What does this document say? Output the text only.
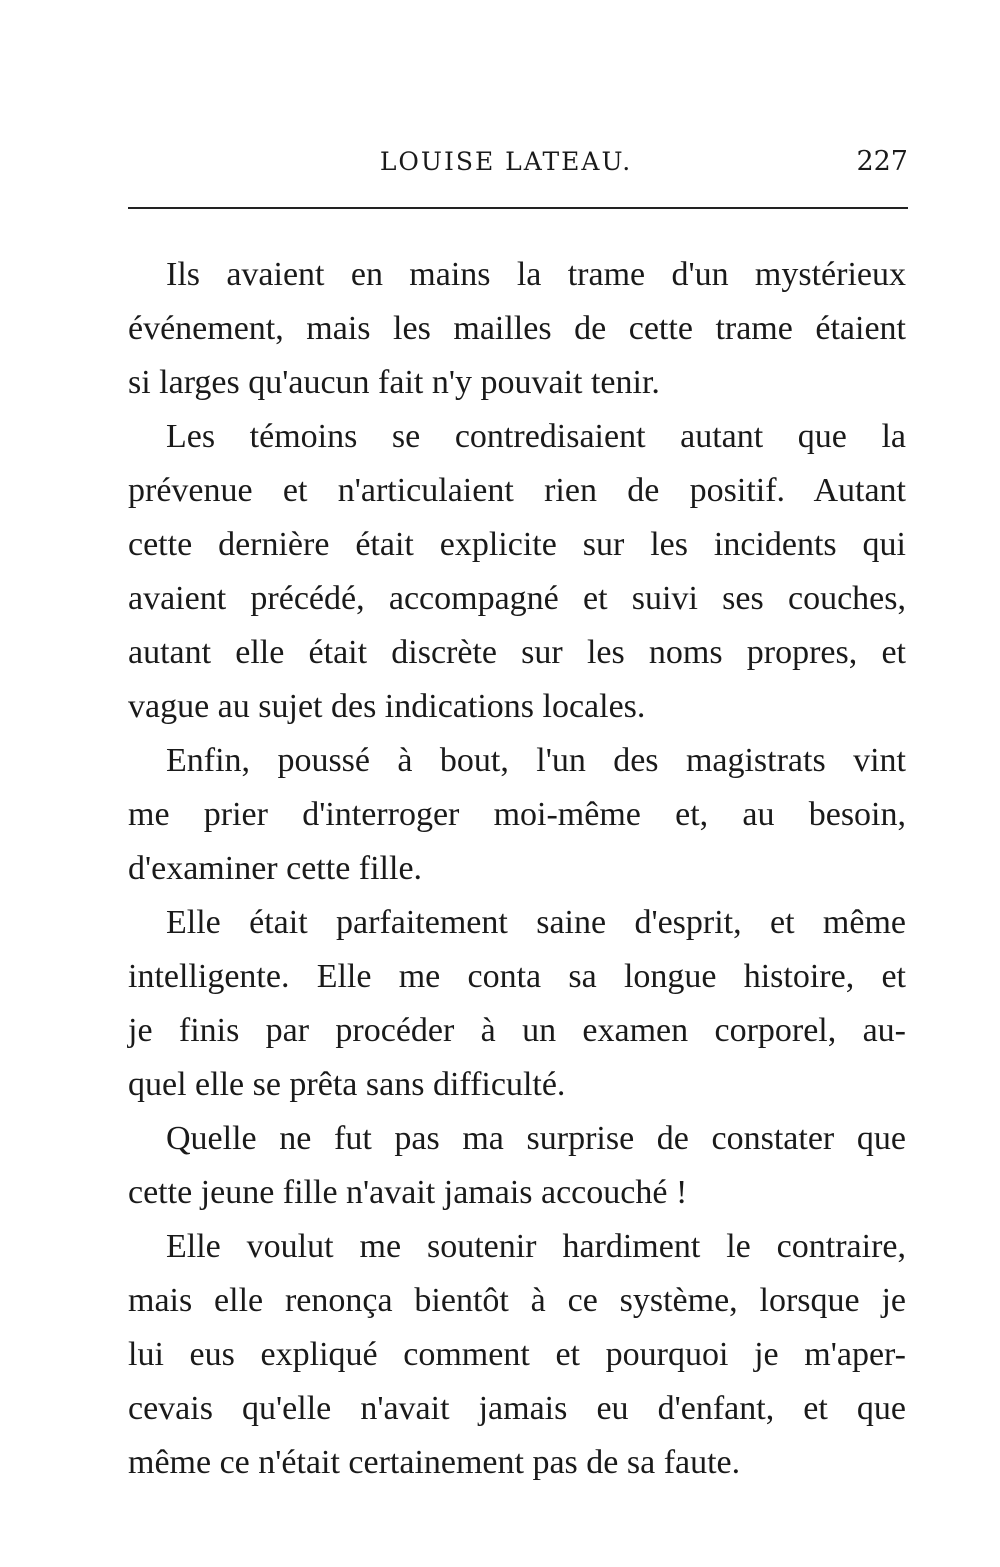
LOUISE LATEAU.	227

Ils avaient en mains la trame d'un mystérieux
événement, mais les mailles de cette trame étaient
si larges qu'aucun fait n'y pouvait tenir.

Les témoins se contredisaient autant que la
prévenue et n'articulaient rien de positif. Autant
cette dernière était explicite sur les incidents qui
avaient précédé, accompagné et suivi ses couches,
autant elle était discrète sur les noms propres, et
vague au sujet des indications locales.

Enfin, poussé à bout, l'un des magistrats vint
me prier d'interroger moi-même et, au besoin,
d'examiner cette fille.

Elle était parfaitement saine d'esprit, et même
intelligente. Elle me conta sa longue histoire, et
je finis par procéder à un examen corporel, au-
quel elle se prêta sans difficulté.

Quelle ne fut pas ma surprise de constater que
cette jeune fille n'avait jamais accouché !

Elle voulut me soutenir hardiment le contraire,
mais elle renonça bientôt à ce système, lorsque je
lui eus expliqué comment et pourquoi je m'aper-
cevais qu'elle n'avait jamais eu d'enfant, et que
même ce n'était certainement pas de sa faute.
